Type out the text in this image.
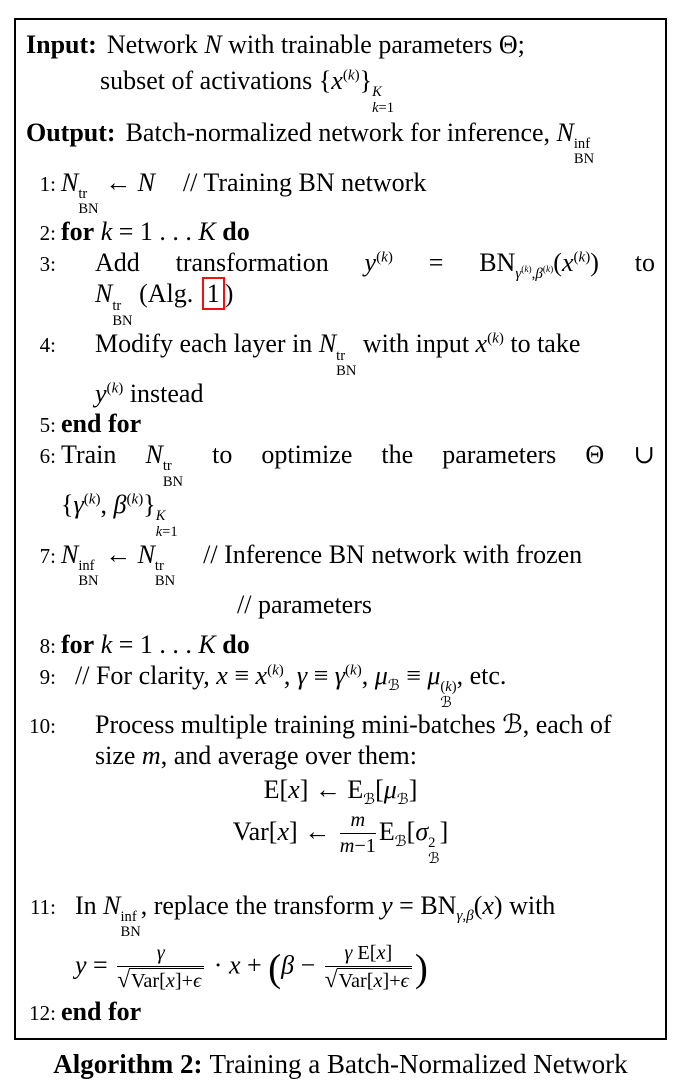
Input: Network N with trainable parameters Θ;
subset of activations $\{x^{(k)}\}$ K
k=1
Output: Batch-normalized network for inference, N inf
BN
1: N tr
BN
← N // Training BN network
2: for k = 1 . . . K do
3:	Add transformation $y^{(k)} = BN_{\gamma^{(k)},\beta^{(k)}}(x^{(k)})$ to
N tr
BN
(Alg. 1 )
4:	Modify each layer in N tr
BN
with input $x^{(k)}$ to take
$y^{(k)}$ instead
5: end for
6: Train N tr
BN
to optimize the parameters Θ ∪
{$\gamma^{(k)}$, $\beta^{(k)}$} K
k=1
7: N inf
BN
← N tr
BN
// Inference BN network with frozen
// parameters
8: for k = 1 . . . K do
9: // For clarity, $x \equiv x^{(k)}$, $\gamma \equiv \gamma^{(k)}$, $\mu_ℬ \equiv \mu$ (k)
ℬ
, etc.
10:	Process multiple training mini-batches ℬ, each of
size m, and average over them:
E[x] ← $E_ℬ[\mu_ℬ]$
Var[x] ← $\frac{m}{m-1} E_ℬ[\sigma$ 2
ℬ
]
11: In N inf
BN
, replace the transform $y = BN_{\gamma,\beta}(x)$ with
$y = \frac{\gamma}{\text{√ Var[x]+ϵ}} \cdot x + (\beta - \frac{\text{γ E[x]}}{\text{√ Var[x]+ϵ}}$ )
12: end for
Algorithm 2: Training a Batch-Normalized Network
